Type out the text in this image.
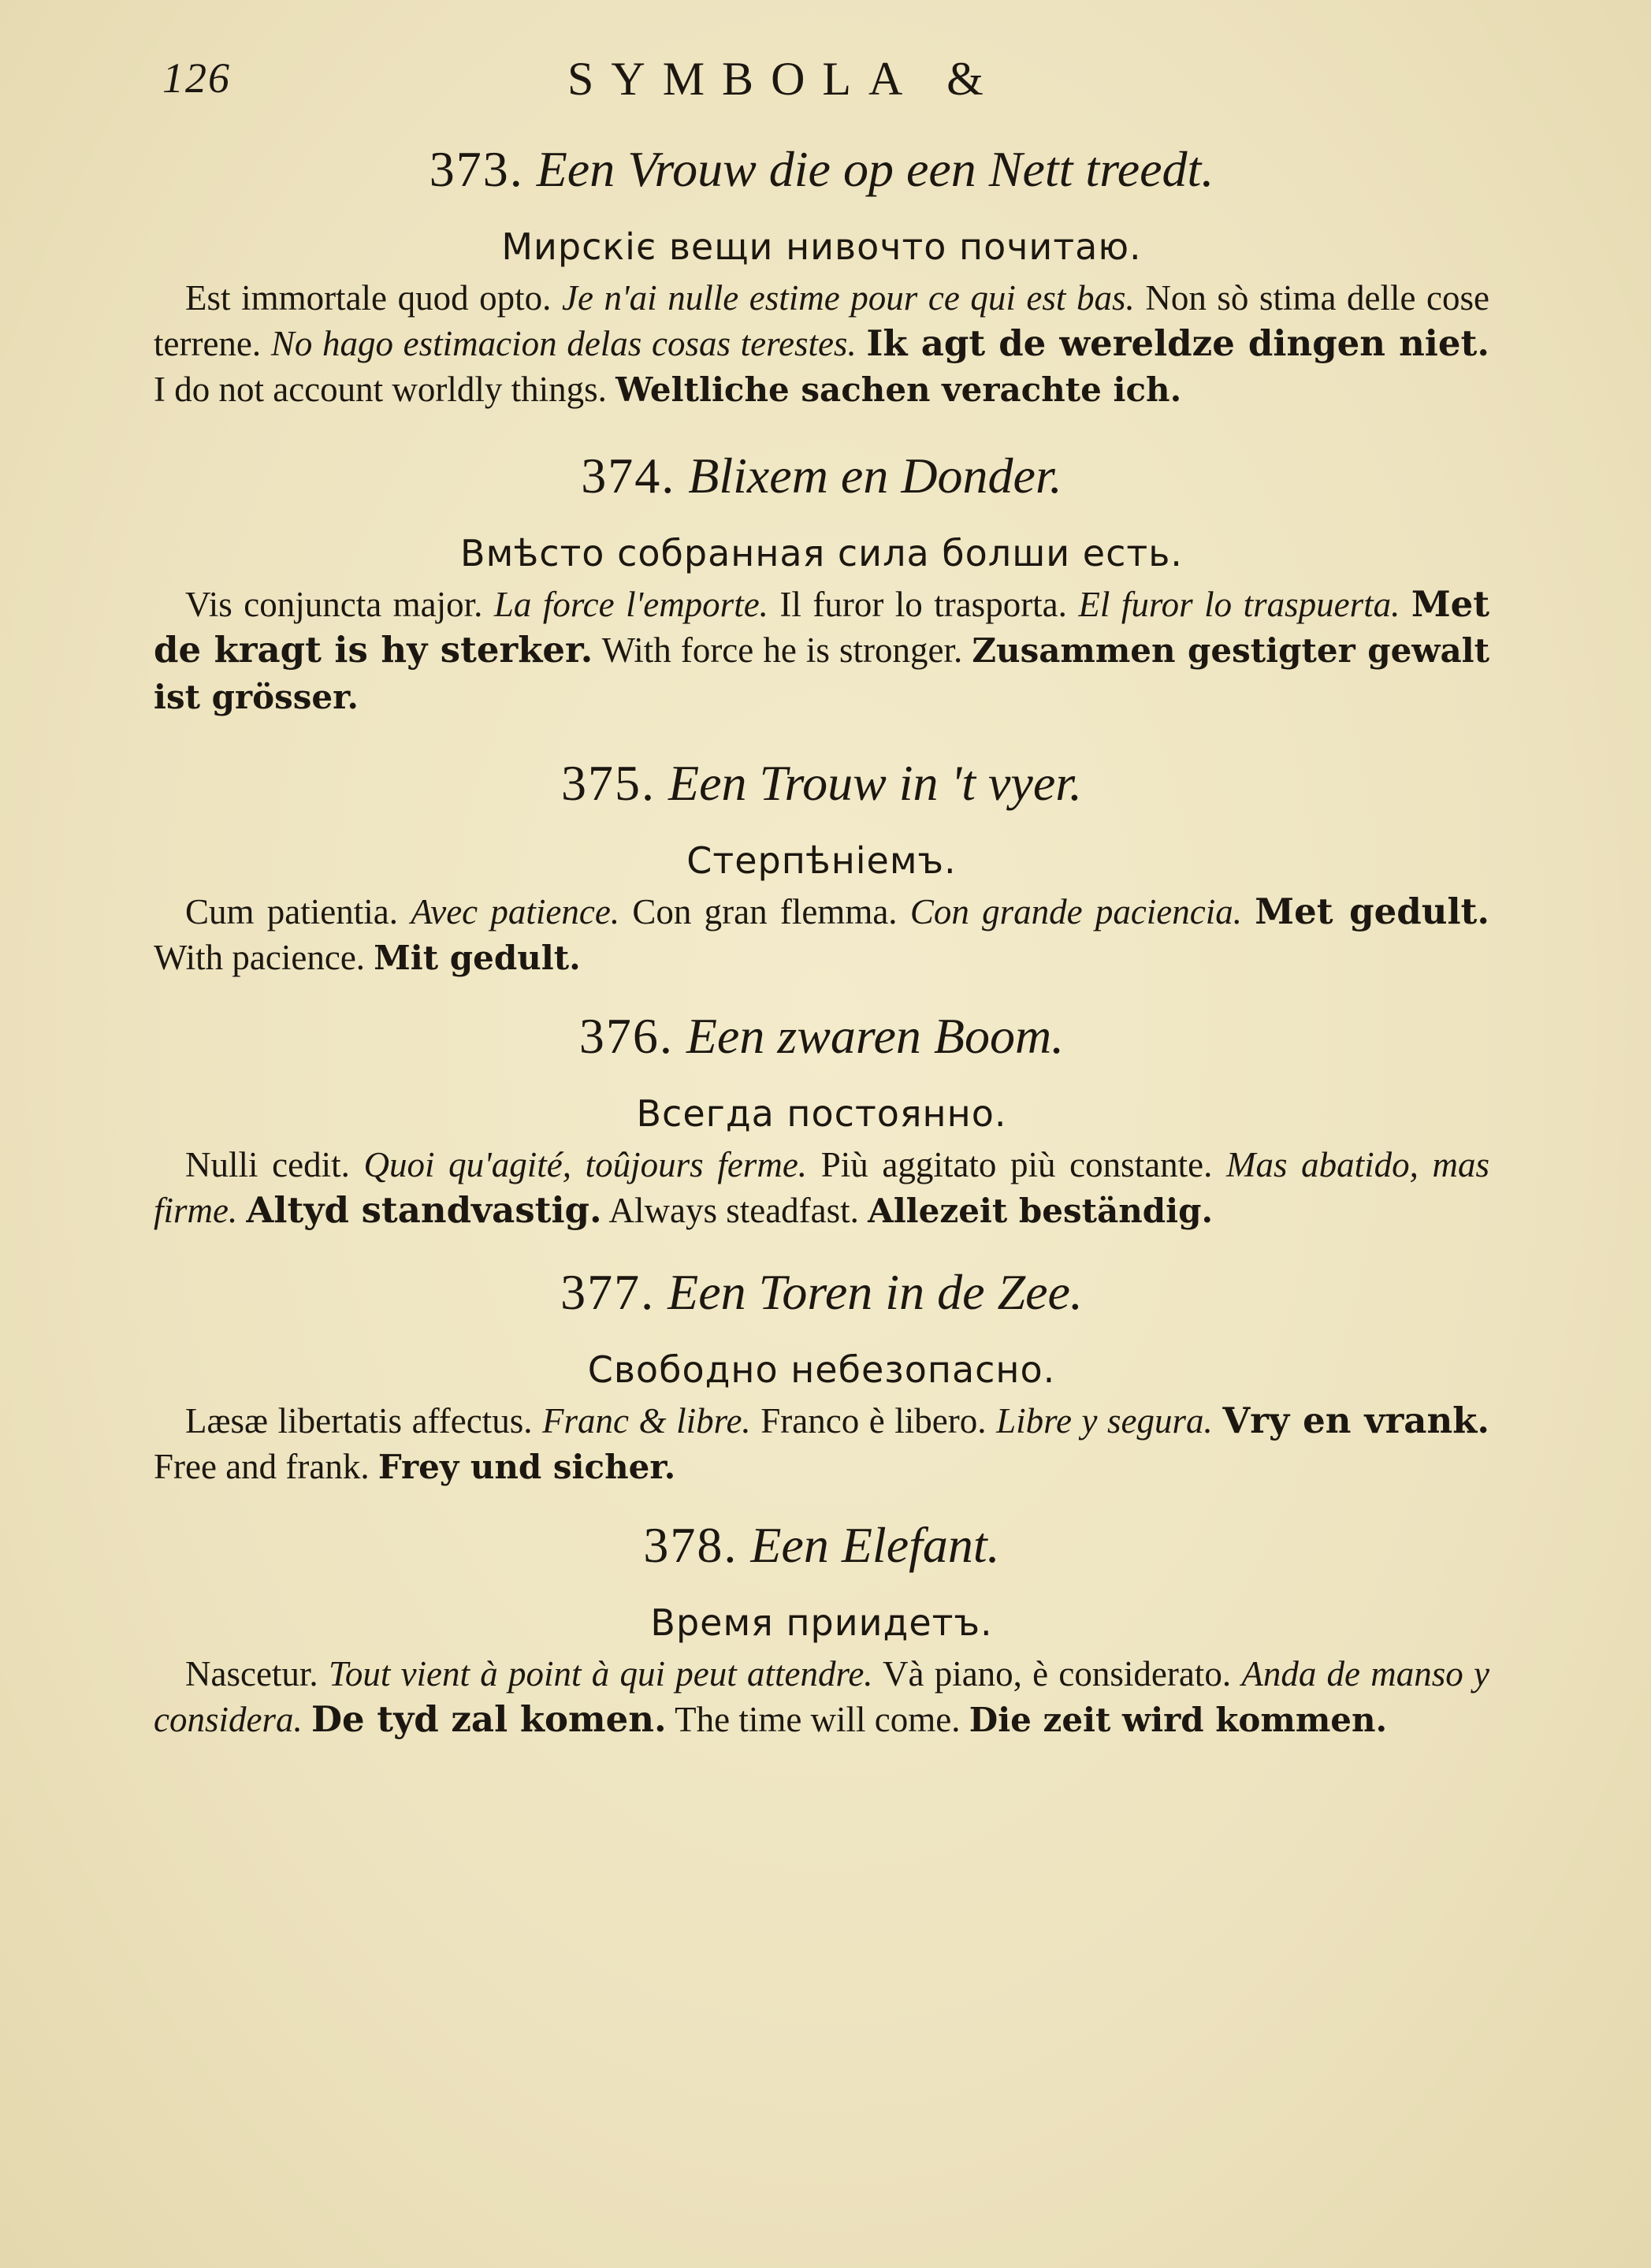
126	SYMBOLA &

373. Een Vrouw die op een Nett treedt.

Мирскіє вещи нивочто почитаю.

Est immortale quod opto. Je n'ai nulle estime pour ce qui est bas. Non sò stima delle cose terrene. No hago estimacion delas cosas terestes. Ik agt de wereldze dingen niet. I do not account worldly things. Weltliche sachen verachte ich.

374. Blixem en Donder.

Вмѣсто собранная сила болши есть.

Vis conjuncta major. La force l'emporte. Il furor lo trasporta. El furor lo traspuerta. Met de kragt is hy sterker. With force he is stronger. Zusammen gestigter gewalt ist grösser.

375. Een Trouw in 't vyer.

Стерпѣніемъ.

Cum patientia. Avec patience. Con gran flemma. Con grande paciencia. Met gedult. With pacience. Mit gedult.

376. Een zwaren Boom.

Всегда постоянно.

Nulli cedit. Quoi qu'agité, toûjours ferme. Più aggitato più constante. Mas abatido, mas firme. Altyd standvastig. Always steadfast. Allezeit beständig.

377. Een Toren in de Zee.

Свободно небезопасно.

Læsæ libertatis affectus. Franc & libre. Franco è libero. Libre y segura. Vry en vrank. Free and frank. Frey und sicher.

378. Een Elefant.

Время приидетъ.

Nascetur. Tout vient à point à qui peut attendre. Và piano, è considerato. Anda de manso y considera. De tyd zal komen. The time will come. Die zeit wird kommen.
